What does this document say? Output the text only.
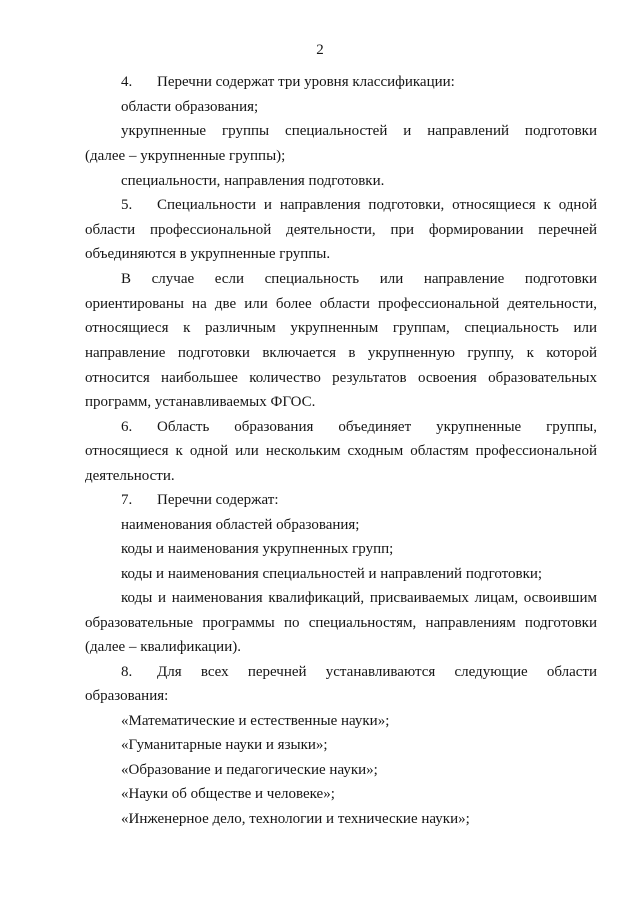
2
4. Перечни содержат три уровня классификации:
области образования;
укрупненные группы специальностей и направлений подготовки
(далее – укрупненные группы);
специальности, направления подготовки.
5. Специальности и направления подготовки, относящиеся к одной
области профессиональной деятельности, при формировании перечней
объединяются в укрупненные группы.
В случае если специальность или направление подготовки
ориентированы на две или более области профессиональной деятельности,
относящиеся к различным укрупненным группам, специальность или
направление подготовки включается в укрупненную группу, к которой
относится наибольшее количество результатов освоения образовательных
программ, устанавливаемых ФГОС.
6. Область образования объединяет укрупненные группы,
относящиеся к одной или нескольким сходным областям профессиональной
деятельности.
7. Перечни содержат:
наименования областей образования;
коды и наименования укрупненных групп;
коды и наименования специальностей и направлений подготовки;
коды и наименования квалификаций, присваиваемых лицам, освоившим
образовательные программы по специальностям, направлениям подготовки
(далее – квалификации).
8. Для всех перечней устанавливаются следующие области
образования:
«Математические и естественные науки»;
«Гуманитарные науки и языки»;
«Образование и педагогические науки»;
«Науки об обществе и человеке»;
«Инженерное дело, технологии и технические науки»;
